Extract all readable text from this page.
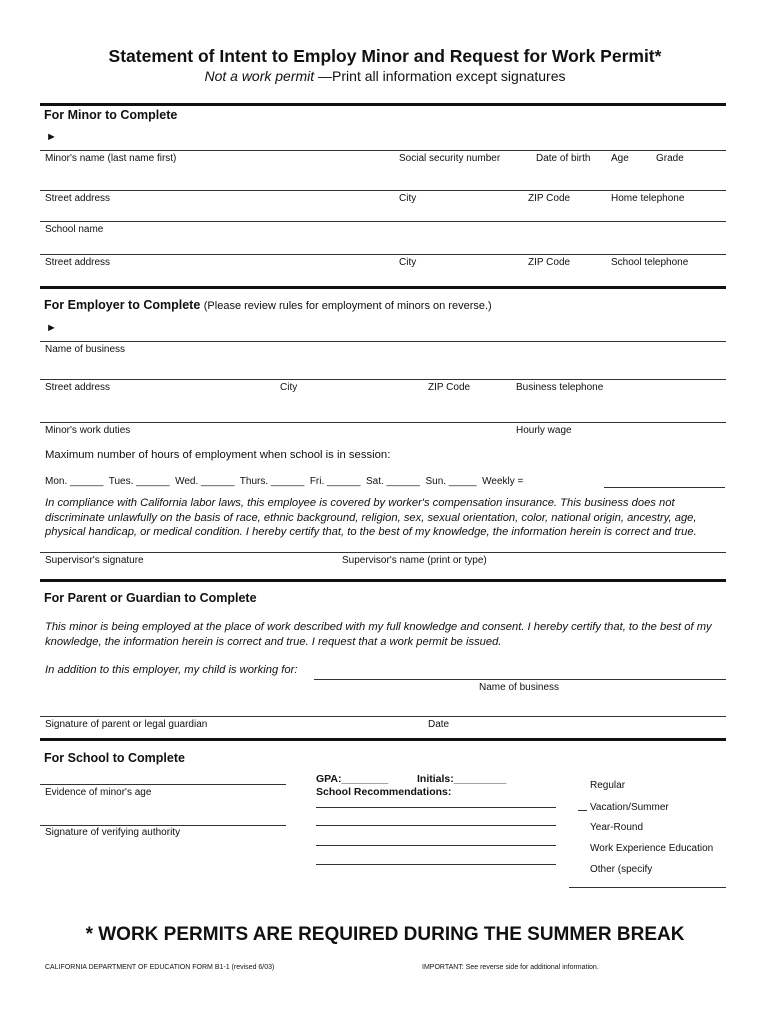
Statement of Intent to Employ Minor and Request for Work Permit*
Not a work permit —Print all information except signatures
For Minor to Complete
►
Minor's name (last name first)	Social security number	Date of birth Age	Grade
Street address	City	ZIP Code	Home telephone
School name
Street address	City	ZIP Code	School telephone
For Employer to Complete (Please review rules for employment of minors on reverse.)
►
Name of business
Street address	City	ZIP Code	Business telephone
Minor's work duties	Hourly wage
Maximum number of hours of employment when school is in session:
Mon. ______  Tues. ______  Wed. ______  Thurs. ______  Fri. ______  Sat. ______  Sun. _____  Weekly =
In compliance with California labor laws, this employee is covered by worker's compensation insurance. This business does not discriminate unlawfully on the basis of race, ethnic background, religion, sex, sexual orientation, color, national origin, ancestry, age, physical handicap, or medical condition. I hereby certify that, to the best of my knowledge, the information herein is correct and true.
Supervisor's signature	Supervisor's name (print or type)
For Parent or Guardian to Complete
This minor is being employed at the place of work described with my full knowledge and consent. I hereby certify that, to the best of my knowledge, the information herein is correct and true. I request that a work permit be issued.
In addition to this employer, my child is working for:
Name of business
Signature of parent or legal guardian	Date
For School to Complete
Evidence of minor's age
Signature of verifying authority
GPA:________	Initials:_________
School Recommendations:
Regular
Vacation/Summer
Year-Round
Work Experience Education
Other (specify
* WORK PERMITS ARE REQUIRED DURING THE SUMMER BREAK
CALIFORNIA DEPARTMENT OF EDUCATION FORM B1-1 (revised 6/03)	IMPORTANT: See reverse side for additional information.
